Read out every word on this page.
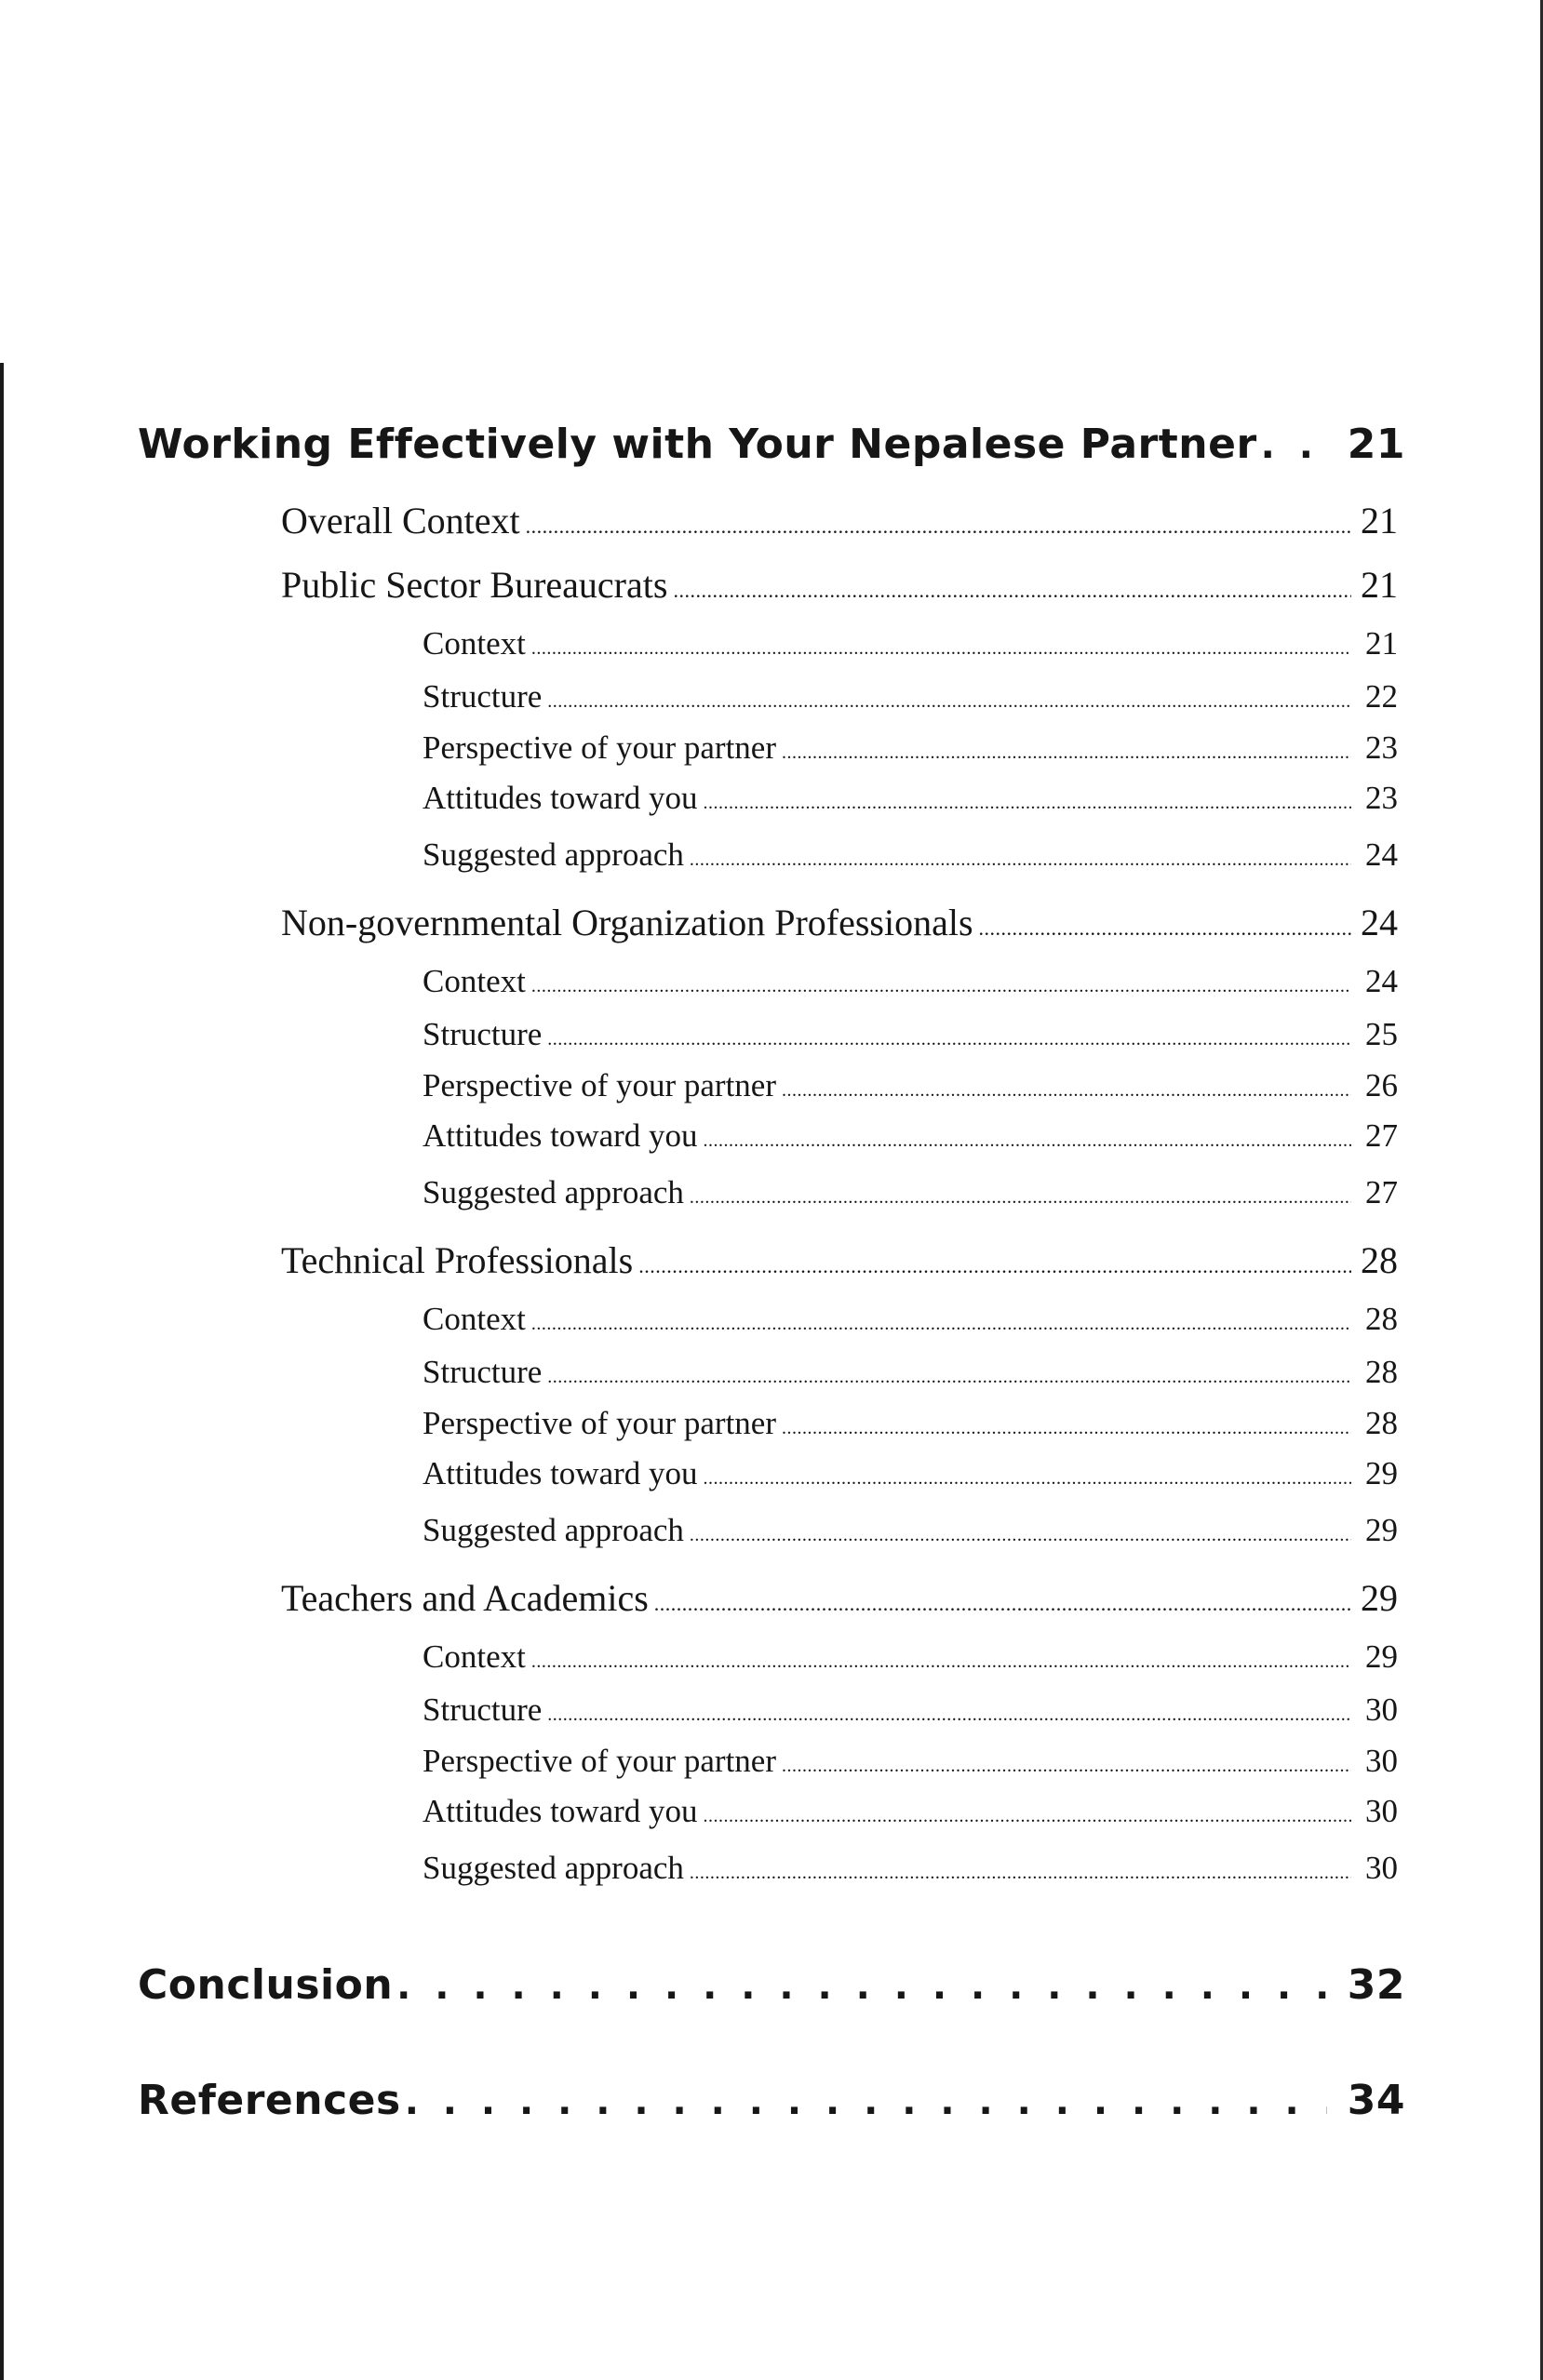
Working Effectively with Your Nepalese Partner . . . 21
Overall Context .....	21
Public Sector Bureaucrats .....	21
Context .....	21
Structure .....	22
Perspective of your partner .....	23
Attitudes toward you .....	23
Suggested approach .....	24
Non-governmental Organization Professionals .....	24
Context .....	24
Structure .....	25
Perspective of your partner .....	26
Attitudes toward you .....	27
Suggested approach .....	27
Technical Professionals .....	28
Context .....	28
Structure .....	28
Perspective of your partner .....	28
Attitudes toward you .....	29
Suggested approach .....	29
Teachers and Academics .....	29
Context .....	29
Structure .....	30
Perspective of your partner .....	30
Attitudes toward you .....	30
Suggested approach .....	30
Conclusion . . .	32
References . . .	34
